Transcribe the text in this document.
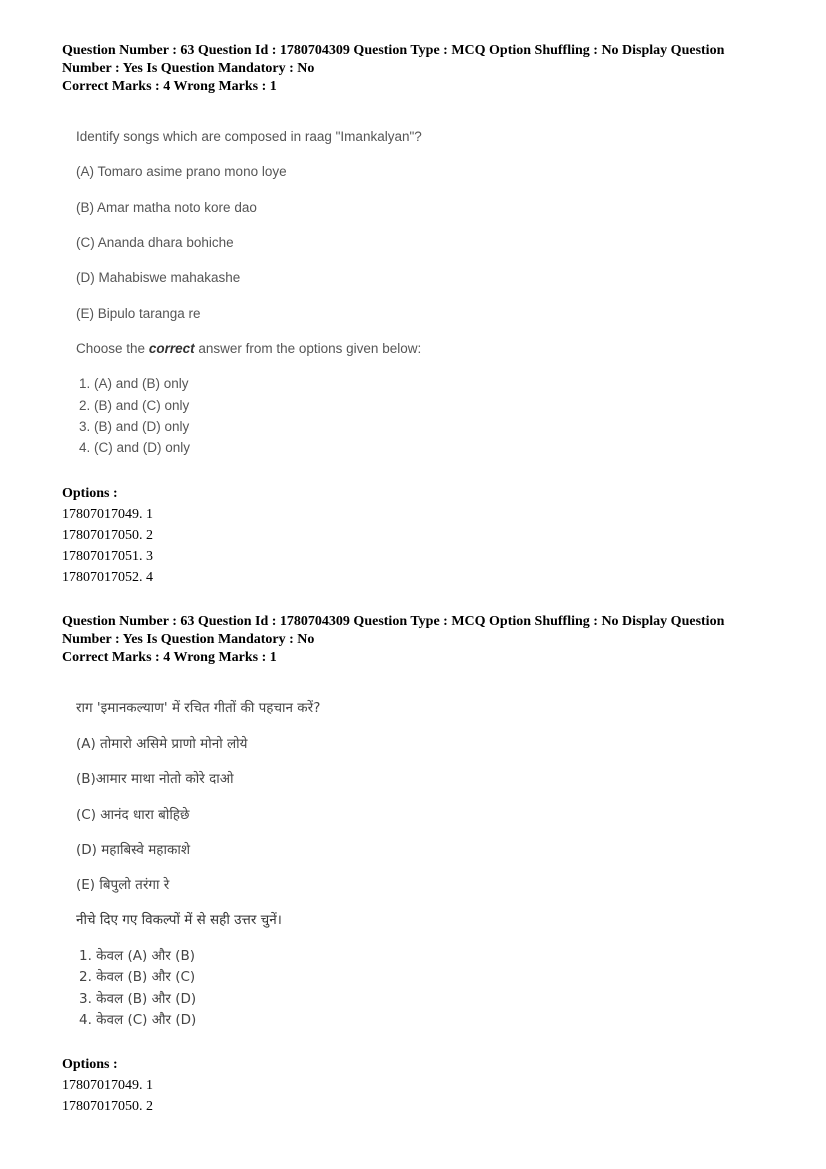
Question Number : 63 Question Id : 1780704309 Question Type : MCQ Option Shuffling : No Display Question
Number : Yes Is Question Mandatory : No
Correct Marks : 4 Wrong Marks : 1
Identify songs which are composed in raag "Imankalyan"?
(A) Tomaro asime prano mono loye
(B) Amar matha noto kore dao
(C) Ananda dhara bohiche
(D) Mahabiswe mahakashe
(E) Bipulo taranga re
Choose the correct answer from the options given below:
1. (A) and (B) only
2. (B) and (C) only
3. (B) and (D) only
4. (C) and (D) only
Options :
17807017049. 1
17807017050. 2
17807017051. 3
17807017052. 4
Question Number : 63 Question Id : 1780704309 Question Type : MCQ Option Shuffling : No Display Question
Number : Yes Is Question Mandatory : No
Correct Marks : 4 Wrong Marks : 1
राग 'इमानकल्याण' में रचित गीतों की पहचान करें?
(A) तोमारो असिमे प्राणो मोनो लोये
(B)आमार माथा नोतो कोरे दाओ
(C) आनंद धारा बोहिछे
(D) महाबिस्वे महाकाशे
(E) बिपुलो तरंगा रे
नीचे दिए गए विकल्पों में से सही उत्तर चुनें।
1. केवल (A) और (B)
2. केवल (B) और (C)
3. केवल (B) और (D)
4. केवल (C) और (D)
Options :
17807017049. 1
17807017050. 2
